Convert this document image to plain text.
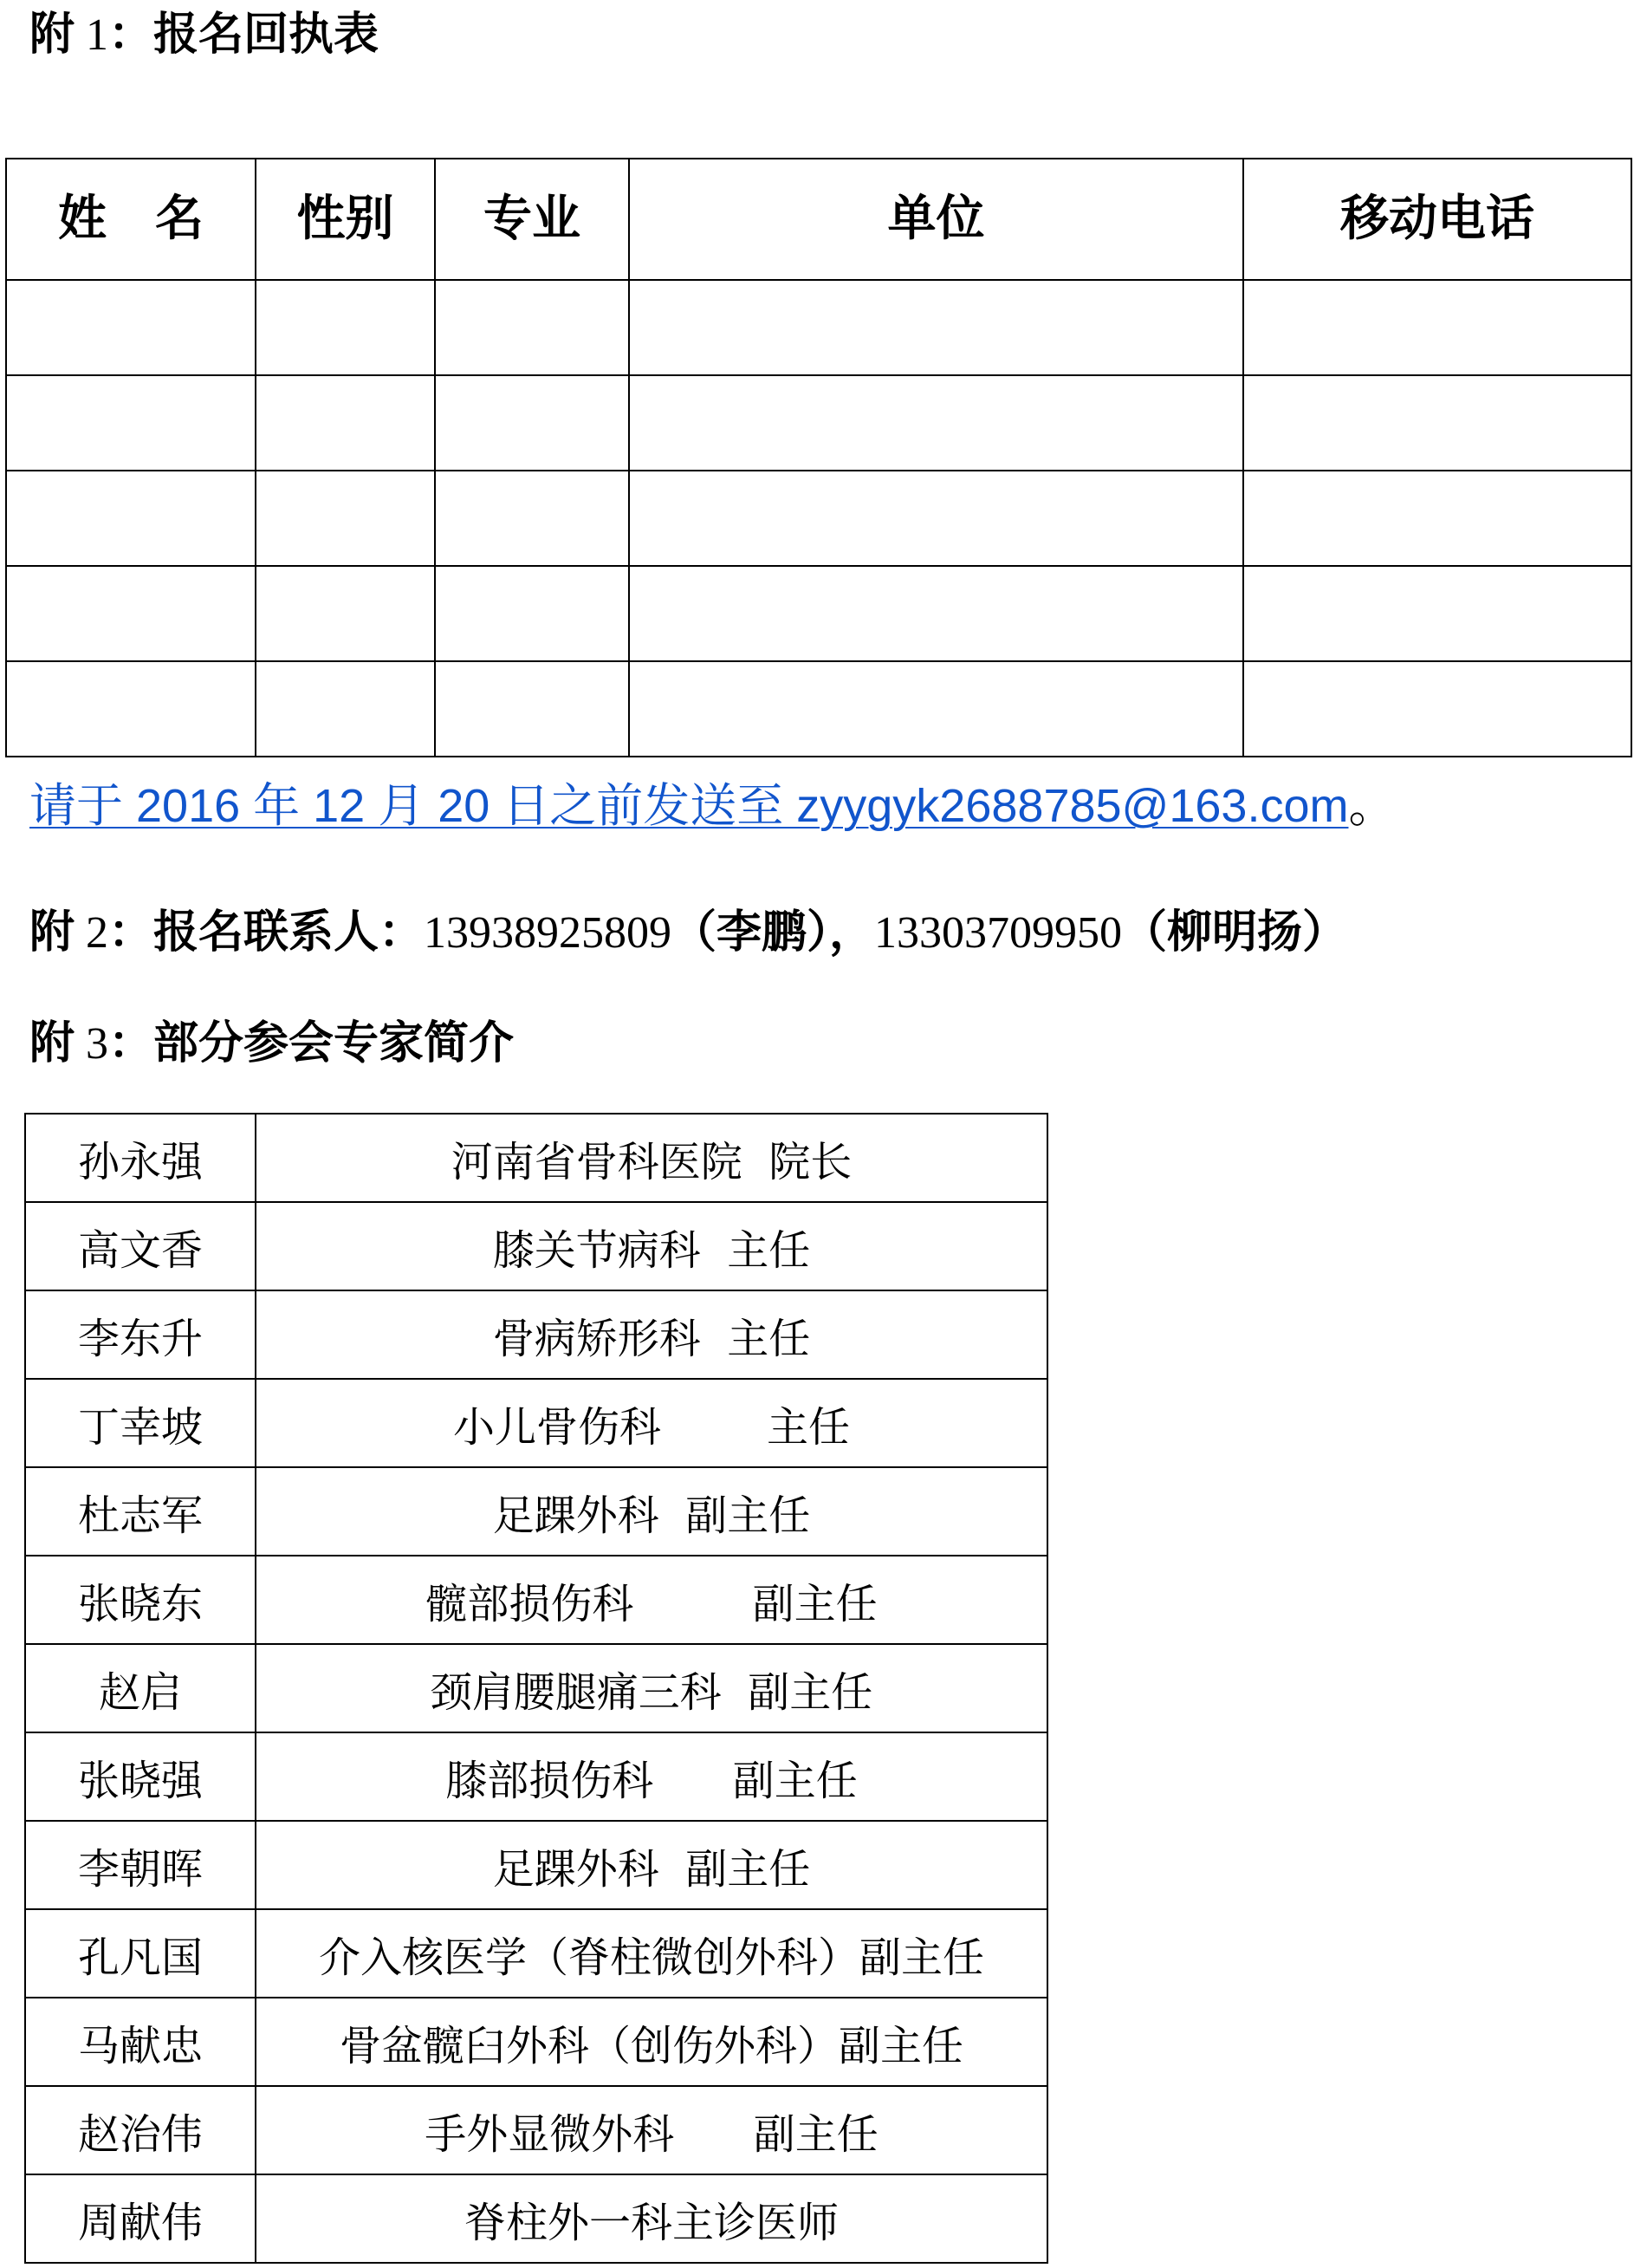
附 1：报名回执表
姓　名	性别	专业	单位	移动电话

请于 2016 年 12 月 20 日之前发送至 zyygyk2688785@163.com。
附 2：报名联系人：13938925809（李鹏），13303709950（柳明扬）
附 3：部分参会专家简介
孙永强	河南省骨科医院  院长
高文香	膝关节病科  主任
李东升	骨病矫形科  主任
丁幸坡	小儿骨伤科        主任
杜志军	足踝外科  副主任
张晓东	髋部损伤科         副主任
赵启	颈肩腰腿痛三科  副主任
张晓强	膝部损伤科      副主任
李朝晖	足踝外科  副主任
孔凡国	介入核医学（脊柱微创外科）副主任
马献忠	骨盆髋臼外科（创伤外科）副主任
赵治伟	手外显微外科      副主任
周献伟	脊柱外一科主诊医师
